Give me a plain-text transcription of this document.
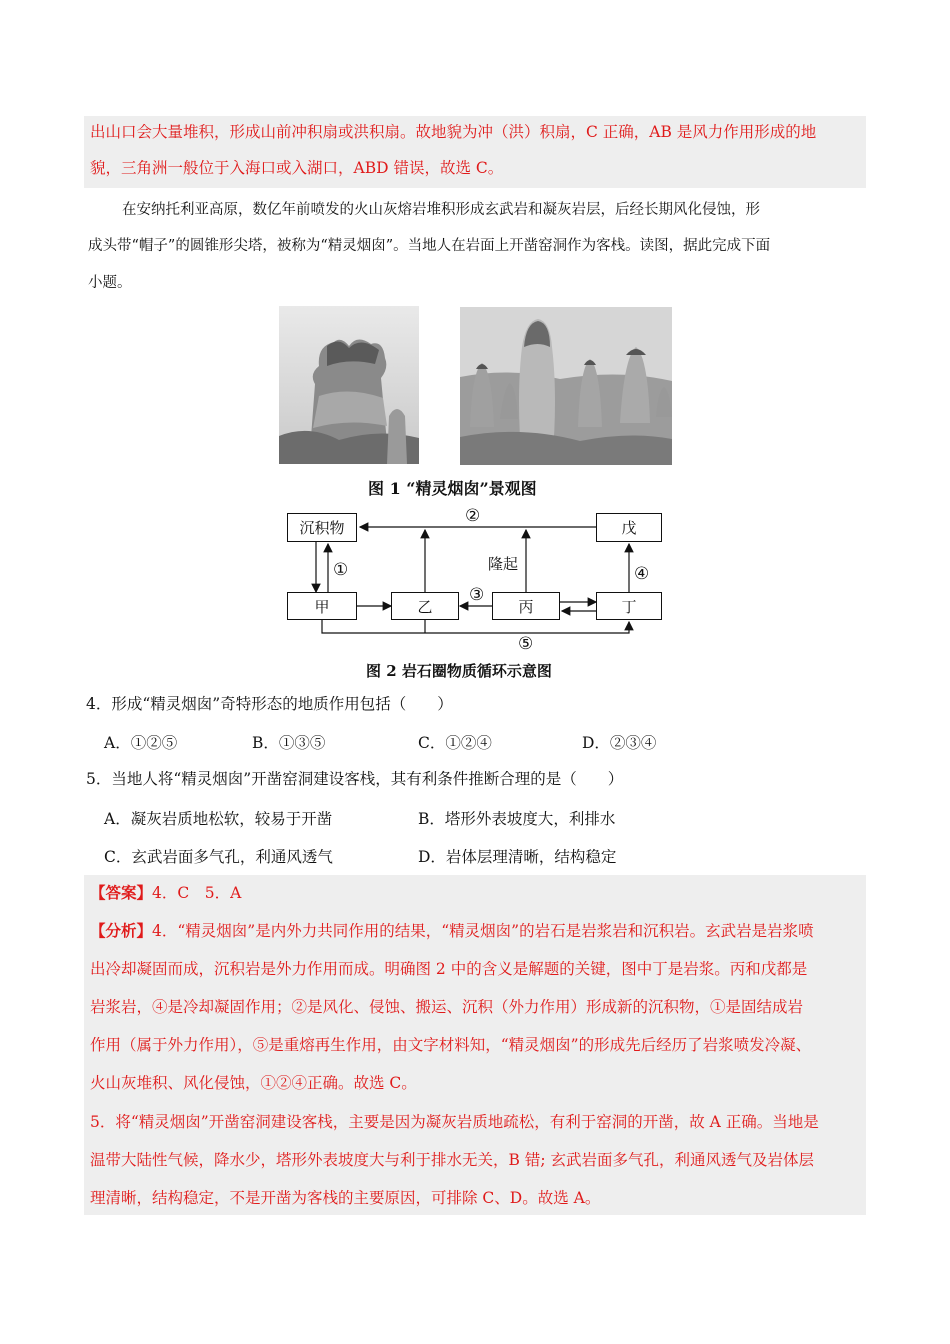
出山口会大量堆积，形成山前冲积扇或洪积扇。故地貌为冲（洪）积扇，C 正确，AB 是风力作用形成的地
貌，三角洲一般位于入海口或入湖口，ABD 错误，故选 C。
在安纳托利亚高原，数亿年前喷发的火山灰熔岩堆积形成玄武岩和凝灰岩层，后经长期风化侵蚀，形
成头带“帽子”的圆锥形尖塔，被称为“精灵烟囱”。当地人在岩面上开凿窑洞作为客栈。读图，据此完成下面
小题。
图 1 “精灵烟囱”景观图
沉积物	戊
甲	乙	丙	丁
②
①	隆起	④
③
⑤
图 2 岩石圈物质循环示意图
4．形成“精灵烟囱”奇特形态的地质作用包括（　　）
A．①②⑤	B．①③⑤	C．①②④	D．②③④
5．当地人将“精灵烟囱”开凿窑洞建设客栈，其有利条件推断合理的是（　　）
A．凝灰岩质地松软，较易于开凿	B．塔形外表坡度大，利排水
C．玄武岩面多气孔，利通风透气	D．岩体层理清晰，结构稳定
【答案】4．C　5．A
【分析】4．“精灵烟囱”是内外力共同作用的结果，“精灵烟囱”的岩石是岩浆岩和沉积岩。玄武岩是岩浆喷
出冷却凝固而成，沉积岩是外力作用而成。明确图 2 中的含义是解题的关键，图中丁是岩浆。丙和戊都是
岩浆岩，④是冷却凝固作用；②是风化、侵蚀、搬运、沉积（外力作用）形成新的沉积物，①是固结成岩
作用（属于外力作用），⑤是重熔再生作用，由文字材料知，“精灵烟囱”的形成先后经历了岩浆喷发冷凝、
火山灰堆积、风化侵蚀，①②④正确。故选 C。
5．将“精灵烟囱”开凿窑洞建设客栈，主要是因为凝灰岩质地疏松，有利于窑洞的开凿，故 A 正确。当地是
温带大陆性气候，降水少，塔形外表坡度大与利于排水无关，B 错; 玄武岩面多气孔，利通风透气及岩体层
理清晰，结构稳定，不是开凿为客栈的主要原因，可排除 C、D。故选 A。
